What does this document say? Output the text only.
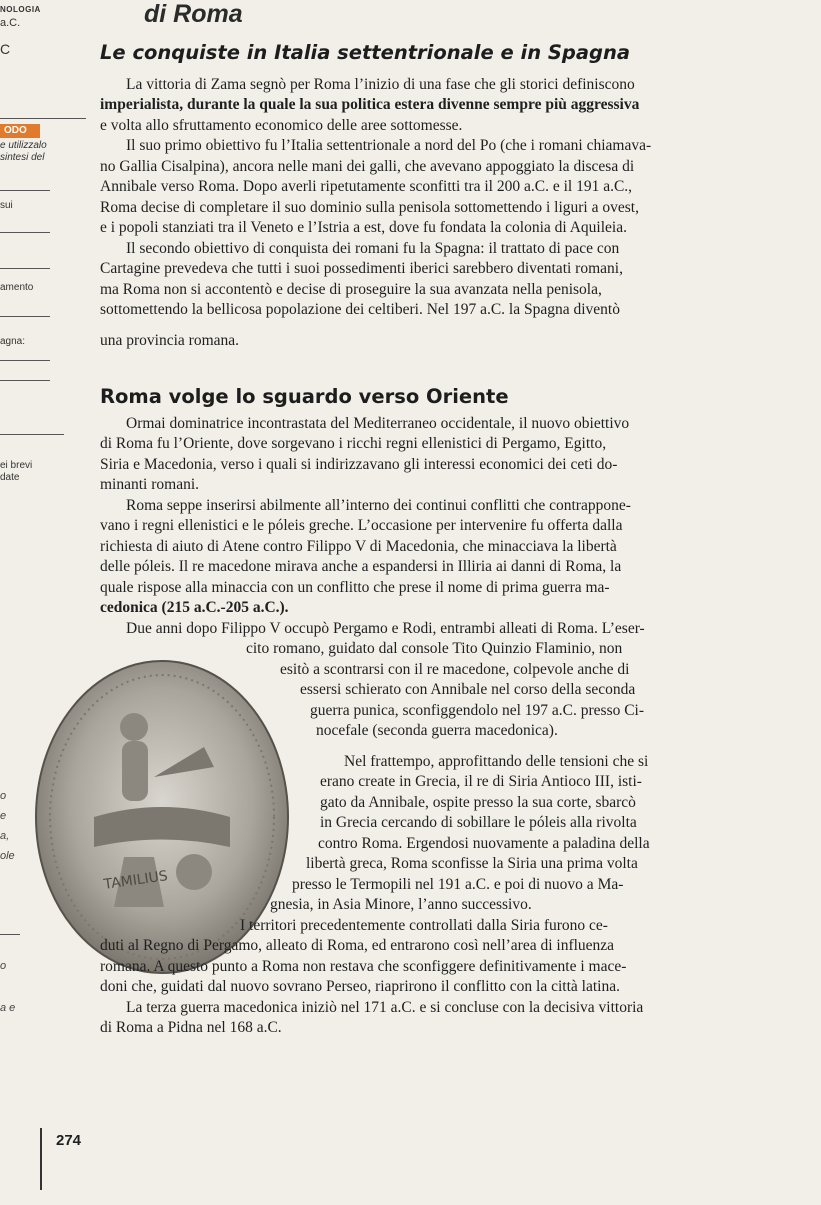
NOLOGIA
a.C.
C
di Roma
Le conquiste in Italia settentrionale e in Spagna
ODO
La vittoria di Zama segnò per Roma l’inizio di una fase che gli storici definiscono
imperialista, durante la quale la sua politica estera divenne sempre più aggressiva
e volta allo sfruttamento economico delle aree sottomesse.
Il suo primo obiettivo fu l’Italia settentrionale a nord del Po (che i romani chiamava-
no Gallia Cisalpina), ancora nelle mani dei galli, che avevano appoggiato la discesa di
Annibale verso Roma. Dopo averli ripetutamente sconfitti tra il 200 a.C. e il 191 a.C.,
Roma decise di completare il suo dominio sulla penisola sottomettendo i liguri a ovest,
e i popoli stanziati tra il Veneto e l’Istria a est, dove fu fondata la colonia di Aquileia.
Il secondo obiettivo di conquista dei romani fu la Spagna: il trattato di pace con
Cartagine prevedeva che tutti i suoi possedimenti iberici sarebbero diventati romani,
ma Roma non si accontentò e decise di proseguire la sua avanzata nella penisola,
sottomettendo la bellicosa popolazione dei celtiberi. Nel 197 a.C. la Spagna diventò
una provincia romana.
e utilizzalo
sintesi del
sui
amento
agna:
Roma volge lo sguardo verso Oriente
Ormai dominatrice incontrastata del Mediterraneo occidentale, il nuovo obiettivo
di Roma fu l’Oriente, dove sorgevano i ricchi regni ellenistici di Pergamo, Egitto,
Siria e Macedonia, verso i quali si indirizzavano gli interessi economici dei ceti do-
minanti romani.
Roma seppe inserirsi abilmente all’interno dei continui conflitti che contrappone-
vano i regni ellenistici e le póleis greche. L’occasione per intervenire fu offerta dalla
richiesta di aiuto di Atene contro Filippo V di Macedonia, che minacciava la libertà
delle póleis. Il re macedone mirava anche a espandersi in Illiria ai danni di Roma, la
quale rispose alla minaccia con un conflitto che prese il nome di prima guerra ma-
cedonica (215 a.C.-205 a.C.).
Due anni dopo Filippo V occupò Pergamo e Rodi, entrambi alleati di Roma. L’eser-
ei brevi
date
TAMILIUS
cito romano, guidato dal console Tito Quinzio Flaminio, non
esitò a scontrarsi con il re macedone, colpevole anche di
essersi schierato con Annibale nel corso della seconda
guerra punica, sconfiggendolo nel 197 a.C. presso Ci-
nocefale (seconda guerra macedonica).
Nel frattempo, approfittando delle tensioni che si
erano create in Grecia, il re di Siria Antioco III, isti-
gato da Annibale, ospite presso la sua corte, sbarcò
in Grecia cercando di sobillare le póleis alla rivolta
contro Roma. Ergendosi nuovamente a paladina della
libertà greca, Roma sconfisse la Siria una prima volta
presso le Termopili nel 191 a.C. e poi di nuovo a Ma-
gnesia, in Asia Minore, l’anno successivo.
I territori precedentemente controllati dalla Siria furono ce-
duti al Regno di Pergamo, alleato di Roma, ed entrarono così nell’area di influenza
romana. A questo punto a Roma non restava che sconfiggere definitivamente i mace-
doni che, guidati dal nuovo sovrano Perseo, riaprirono il conflitto con la città latina.
La terza guerra macedonica iniziò nel 171 a.C. e si concluse con la decisiva vittoria
di Roma a Pidna nel 168 a.C.
o
e
a,
ole
o
a e
274
